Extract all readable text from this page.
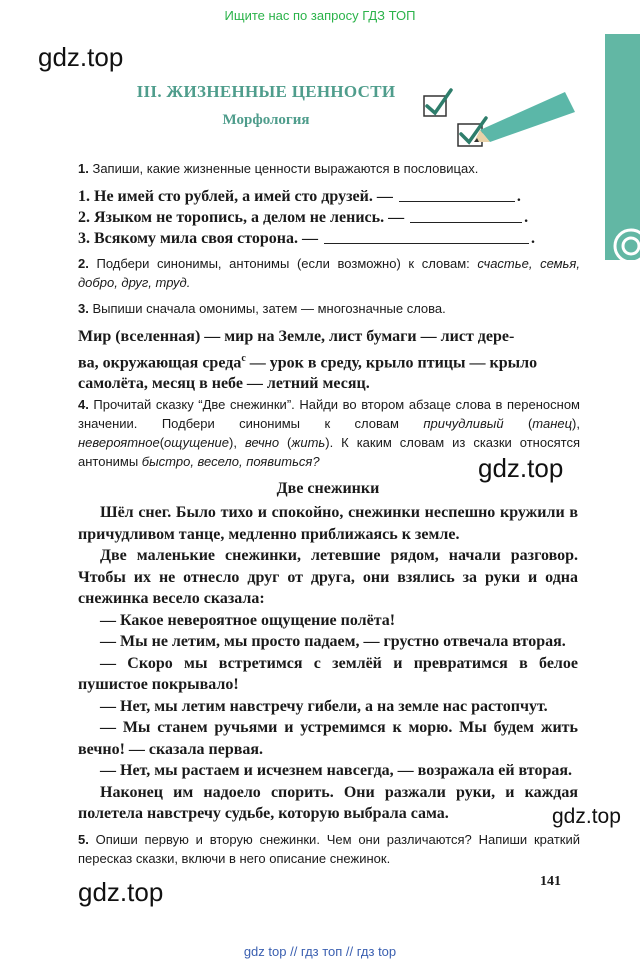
Ищите нас по запросу ГДЗ ТОП
gdz.top
gdz.top
gdz.top
gdz.top
III. ЖИЗНЕННЫЕ ЦЕННОСТИ
Морфология
1. Запиши, какие жизненные ценности выражаются в пословицах.
1. Не имей сто рублей, а имей сто друзей. —	.
2. Языком не торопись, а делом не ленись. —	.
3. Всякому мила своя сторона. —	.
2. Подбери синонимы, антонимы (если возможно) к словам: счастье, семья, добро, друг, труд.
3. Выпиши сначала омонимы, затем — многозначные слова.

Мир (вселенная) — мир на Земле, лист бумаги — лист дере-

ва, окружающая среда$^с$ — урок в среду, крыло птицы — крыло

самолёта, месяц в небе — летний месяц.

4. Прочитай сказку “Две снежинки”. Найди во втором абзаце слова в переносном значении. Подбери синонимы к словам причудливый (танец), невероятное(ощущение), вечно (жить). К каким словам из сказки относятся антонимы быстро, весело, появиться?
Две снежинки

Шёл снег. Было тихо и спокойно, снежинки неспешно кружили в причудливом танце, медленно приближаясь к земле.

Две маленькие снежинки, летевшие рядом, начали разговор. Чтобы их не отнесло друг от друга, они взялись за руки и одна снежинка весело сказала:

— Какое невероятное ощущение полёта!

— Мы не летим, мы просто падаем, — грустно отвечала вторая.

— Скоро мы встретимся с землёй и превратимся в белое пушистое покрывало!

— Нет, мы летим навстречу гибели, а на земле нас растопчут.

— Мы станем ручьями и устремимся к морю. Мы будем жить вечно! — сказала первая.

— Нет, мы растаем и исчезнем навсегда, — возражала ей вторая.

Наконец им надоело спорить. Они разжали руки, и каждая полетела навстречу судьбе, которую выбрала сама.

5. Опиши первую и вторую снежинки. Чем они различаются? Напиши краткий пересказ сказки, включи в него описание снежинок.
141
gdz top // гдз топ // гдз top
